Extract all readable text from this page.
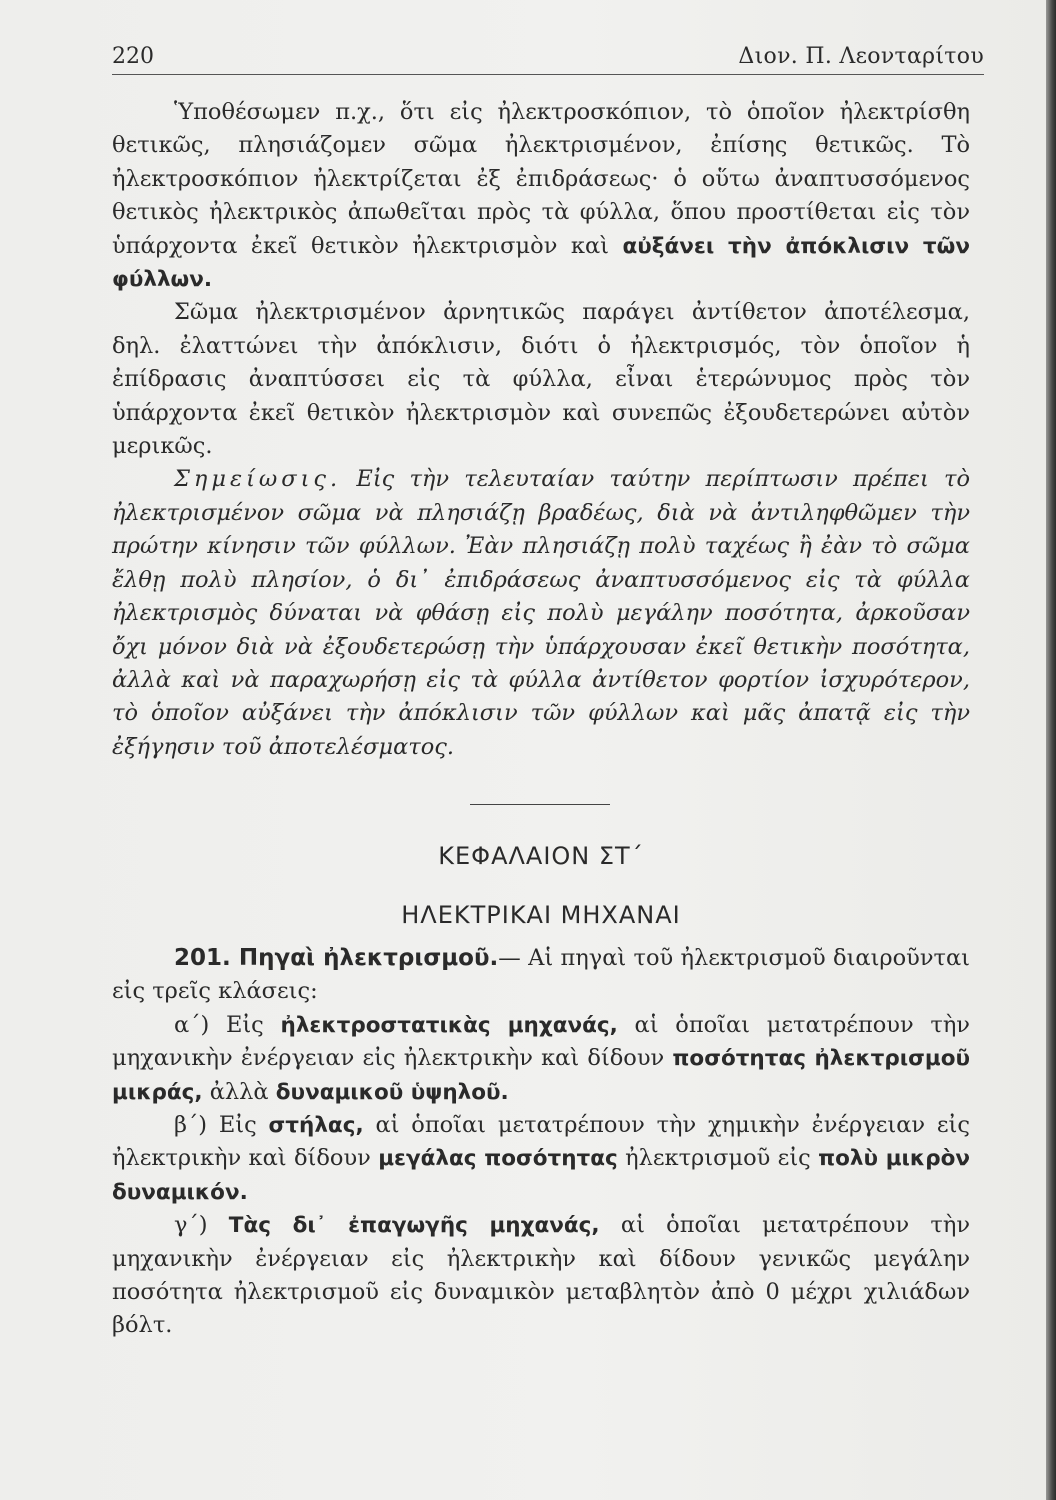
220	Διον. Π. Λεονταρίτου

Ὑποθέσωμεν π.χ., ὅτι εἰς ἠλεκτροσκόπιον, τὸ ὁποῖον ἠλεκτρίσθη θετικῶς, πλησιάζομεν σῶμα ἠλεκτρισμένον, ἐπίσης θετικῶς. Τὸ ἠλεκτροσκόπιον ἠλεκτρίζεται ἐξ ἐπιδράσεως· ὁ οὕτω ἀναπτυσσόμενος θετικὸς ἠλεκτρικὸς ἀπωθεῖται πρὸς τὰ φύλλα, ὅπου προστίθεται εἰς τὸν ὑπάρχοντα ἐκεῖ θετικὸν ἠλεκτρισμὸν καὶ αὐξάνει τὴν ἀπόκλισιν τῶν φύλλων.

Σῶμα ἠλεκτρισμένον ἀρνητικῶς παράγει ἀντίθετον ἀποτέλεσμα, δηλ. ἐλαττώνει τὴν ἀπόκλισιν, διότι ὁ ἠλεκτρισμός, τὸν ὁποῖον ἡ ἐπίδρασις ἀναπτύσσει εἰς τὰ φύλλα, εἶναι ἑτερώνυμος πρὸς τὸν ὑπάρχοντα ἐκεῖ θετικὸν ἠλεκτρισμὸν καὶ συνεπῶς ἐξουδετερώνει αὐτὸν μερικῶς.

Σημείωσις. Εἰς τὴν τελευταίαν ταύτην περίπτωσιν πρέπει τὸ ἠλεκτρισμένον σῶμα νὰ πλησιάζῃ βραδέως, διὰ νὰ ἀντιληφθῶμεν τὴν πρώτην κίνησιν τῶν φύλλων. Ἐὰν πλησιάζῃ πολὺ ταχέως ἢ ἐὰν τὸ σῶμα ἔλθῃ πολὺ πλησίον, ὁ δι᾽ ἐπιδράσεως ἀναπτυσσόμενος εἰς τὰ φύλλα ἠλεκτρισμὸς δύναται νὰ φθάσῃ εἰς πολὺ μεγάλην ποσότητα, ἀρκοῦσαν ὄχι μόνον διὰ νὰ ἐξουδετερώσῃ τὴν ὑπάρχουσαν ἐκεῖ θετικὴν ποσότητα, ἀλλὰ καὶ νὰ παραχωρήσῃ εἰς τὰ φύλλα ἀντίθετον φορτίον ἰσχυρότερον, τὸ ὁποῖον αὐξάνει τὴν ἀπόκλισιν τῶν φύλλων καὶ μᾶς ἀπατᾷ εἰς τὴν ἐξήγησιν τοῦ ἀποτελέσματος.

ΚΕΦΑΛΑΙΟΝ ΣΤ΄
ΗΛΕΚΤΡΙΚΑΙ ΜΗΧΑΝΑΙ

201. Πηγαὶ ἠλεκτρισμοῦ.— Αἱ πηγαὶ τοῦ ἠλεκτρισμοῦ διαιροῦνται εἰς τρεῖς κλάσεις:

α΄) Εἰς ἠλεκτροστατικὰς μηχανάς, αἱ ὁποῖαι μετατρέπουν τὴν μηχανικὴν ἐνέργειαν εἰς ἠλεκτρικὴν καὶ δίδουν ποσότητας ἠλεκτρισμοῦ μικράς, ἀλλὰ δυναμικοῦ ὑψηλοῦ.

β΄) Εἰς στήλας, αἱ ὁποῖαι μετατρέπουν τὴν χημικὴν ἐνέργειαν εἰς ἠλεκτρικὴν καὶ δίδουν μεγάλας ποσότητας ἠλεκτρισμοῦ εἰς πολὺ μικρὸν δυναμικόν.

γ΄) Τὰς δι᾽ ἐπαγωγῆς μηχανάς, αἱ ὁποῖαι μετατρέπουν τὴν μηχανικὴν ἐνέργειαν εἰς ἠλεκτρικὴν καὶ δίδουν γενικῶς μεγάλην ποσότητα ἠλεκτρισμοῦ εἰς δυναμικὸν μεταβλητὸν ἀπὸ 0 μέχρι χιλιάδων βόλτ.
